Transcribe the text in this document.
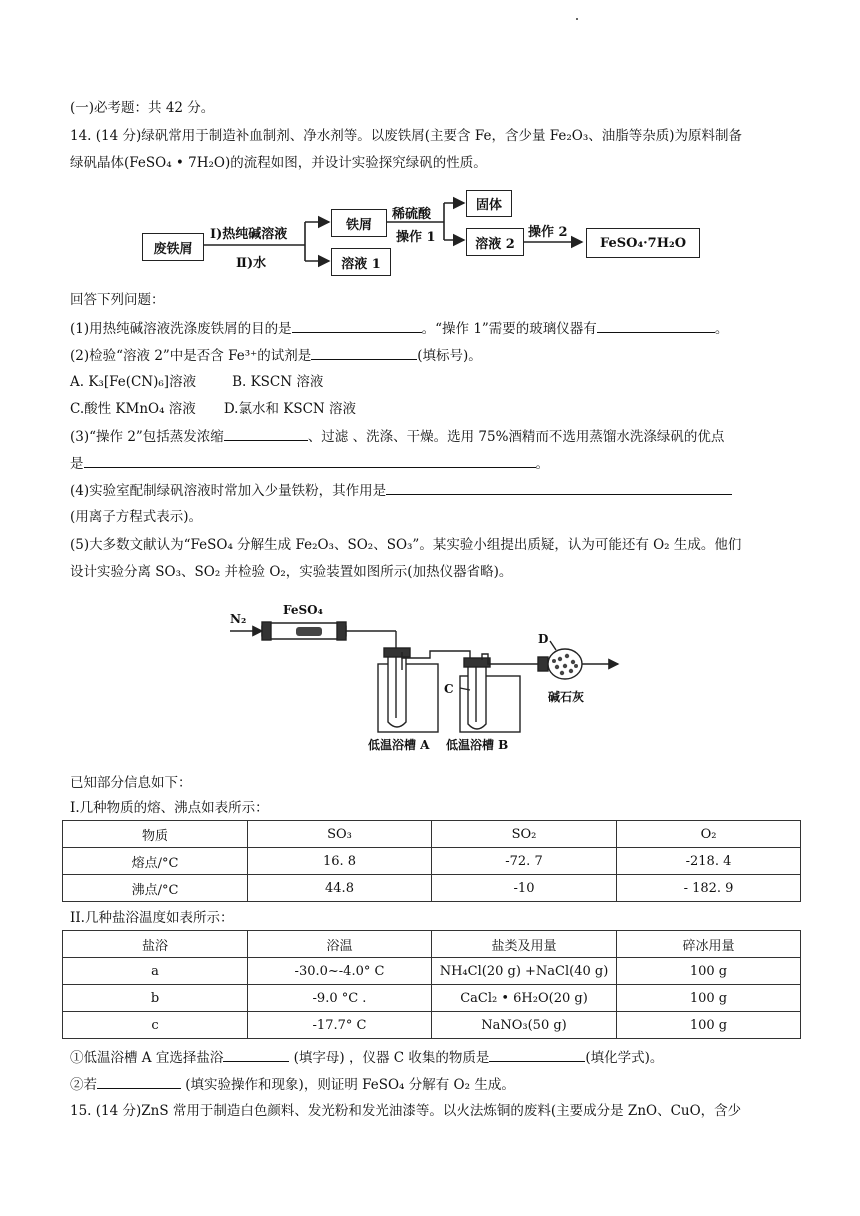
(一)必考题：共 42 分。
14. (14 分)绿矾常用于制造补血制剂、净水剂等。以废铁屑(主要含 Fe，含少量 Fe₂O₃、油脂等杂质)为原料制备
绿矾晶体(FeSO₄ • 7H₂O)的流程如图，并设计实验探究绿矾的性质。
废铁屑
Ⅰ)热纯碱溶液
Ⅱ)水
铁屑
溶液 1
稀硫酸
操作 1
固体
溶液 2
操作 2
FeSO₄·7H₂O
回答下列问题：
(1)用热纯碱溶液洗涤废铁屑的目的是	。“操作 1”需要的玻璃仪器有	。
(2)检验“溶液 2”中是否含 Fe³⁺的试剂是	(填标号)。
A. K₃[Fe(CN)₆]溶液	B. KSCN 溶液
C.酸性 KMnO₄ 溶液 D.氯水和 KSCN 溶液
(3)“操作 2”包括蒸发浓缩	、过滤 、洗涤、干燥。选用 75%酒精而不选用蒸馏水洗涤绿矾的优点
是	。
(4)实验室配制绿矾溶液时常加入少量铁粉，其作用是
(用离子方程式表示)。
(5)大多数文献认为“FeSO₄ 分解生成 Fe₂O₃、SO₂、SO₃”。某实验小组提出质疑，认为可能还有 O₂ 生成。他们
设计实验分离 SO₃、SO₂ 并检验 O₂，实验装置如图所示(加热仪器省略)。
N₂
FeSO₄
C
D
碱石灰
低温浴槽 A 低温浴槽 B
已知部分信息如下：
I.几种物质的熔、沸点如表所示：
物质	SO₃	SO₂	O₂
熔点/°C	16. 8	-72. 7	-218. 4
沸点/°C	44.8	-10	- 182. 9
II.几种盐浴温度如表所示：
盐浴	浴温	盐类及用量	碎冰用量
a	-30.0~-4.0° C	NH₄Cl(20 g) +NaCl(40 g)	100 g
b	-9.0 °C .	CaCl₂ • 6H₂O(20 g)	100 g
c	-17.7° C	NaNO₃(50 g)	100 g
①低温浴槽 A 宜选择盐浴	(填字母) ，仪器 C 收集的物质是	(填化学式)。
②若	(填实验操作和现象)，则证明 FeSO₄ 分解有 O₂ 生成。
15. (14 分)ZnS 常用于制造白色颜料、发光粉和发光油漆等。以火法炼铜的废料(主要成分是 ZnO、CuO，含少
